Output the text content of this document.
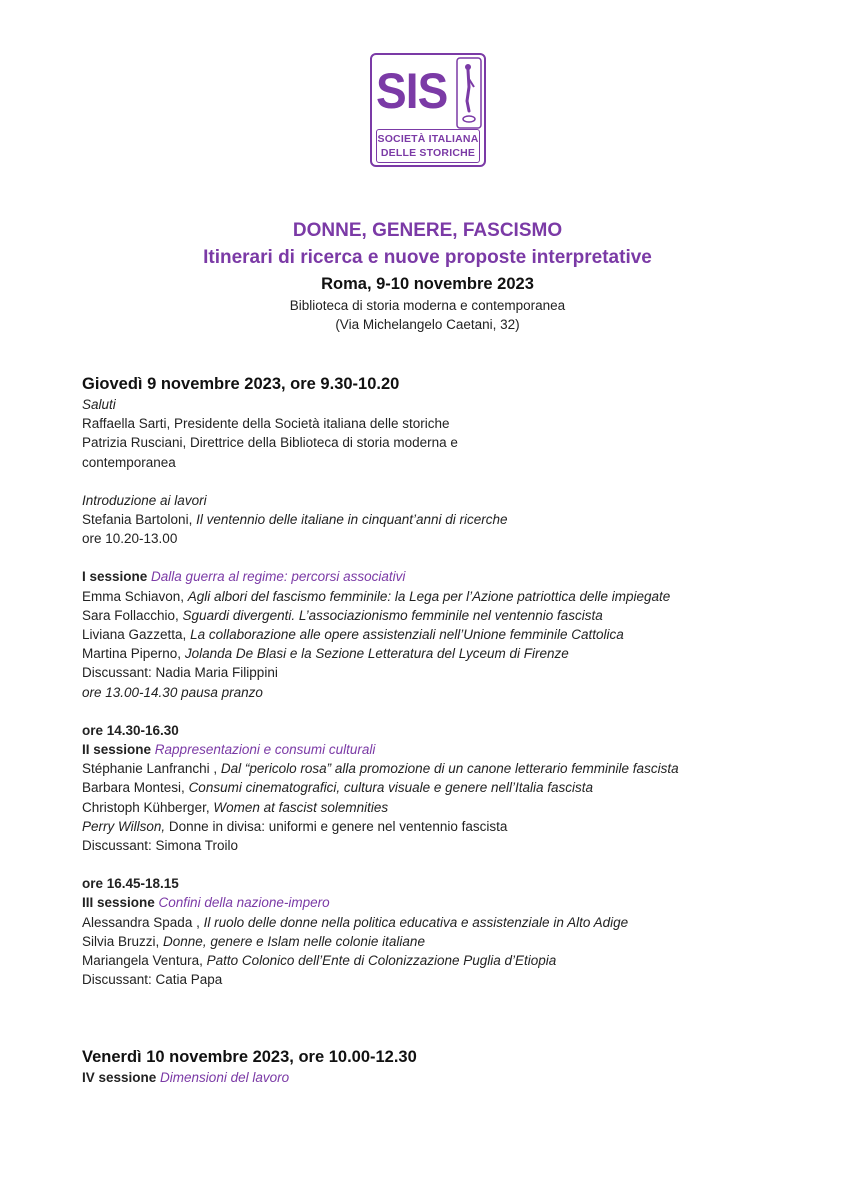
SIS
SOCIETÀ ITALIANA
DELLE STORICHE
DONNE, GENERE, FASCISMO
Itinerari di ricerca e nuove proposte interpretative
Roma, 9-10 novembre 2023
Biblioteca di storia moderna e contemporanea
(Via Michelangelo Caetani, 32)

Giovedì 9 novembre 2023, ore 9.30-10.20

Saluti

Raffaella Sarti, Presidente della Società italiana delle storiche

Patrizia Rusciani, Direttrice della Biblioteca di storia moderna e contemporanea

Introduzione ai lavori

Stefania Bartoloni, Il ventennio delle italiane in cinquant’anni di ricerche

ore 10.20-13.00

I sessione Dalla guerra al regime: percorsi associativi

Emma Schiavon, Agli albori del fascismo femminile: la Lega per l’Azione patriottica delle impiegate

Sara Follacchio, Sguardi divergenti. L’associazionismo femminile nel ventennio fascista

Liviana Gazzetta, La collaborazione alle opere assistenziali nell’Unione femminile Cattolica

Martina Piperno, Jolanda De Blasi e la Sezione Letteratura del Lyceum di Firenze

Discussant: Nadia Maria Filippini

ore 13.00-14.30 pausa pranzo

ore 14.30-16.30

II sessione Rappresentazioni e consumi culturali

Stéphanie Lanfranchi , Dal “pericolo rosa” alla promozione di un canone letterario femminile fascista

Barbara Montesi, Consumi cinematografici, cultura visuale e genere nell’Italia fascista

Christoph Kühberger, Women at fascist solemnities

Perry Willson, Donne in divisa: uniformi e genere nel ventennio fascista

Discussant: Simona Troilo

ore 16.45-18.15

III sessione Confini della nazione-impero

Alessandra Spada , Il ruolo delle donne nella politica educativa e assistenziale in Alto Adige

Silvia Bruzzi, Donne, genere e Islam nelle colonie italiane

Mariangela Ventura, Patto Colonico dell’Ente di Colonizzazione Puglia d’Etiopia

Discussant: Catia Papa

Venerdì 10 novembre 2023, ore 10.00-12.30

IV sessione Dimensioni del lavoro
